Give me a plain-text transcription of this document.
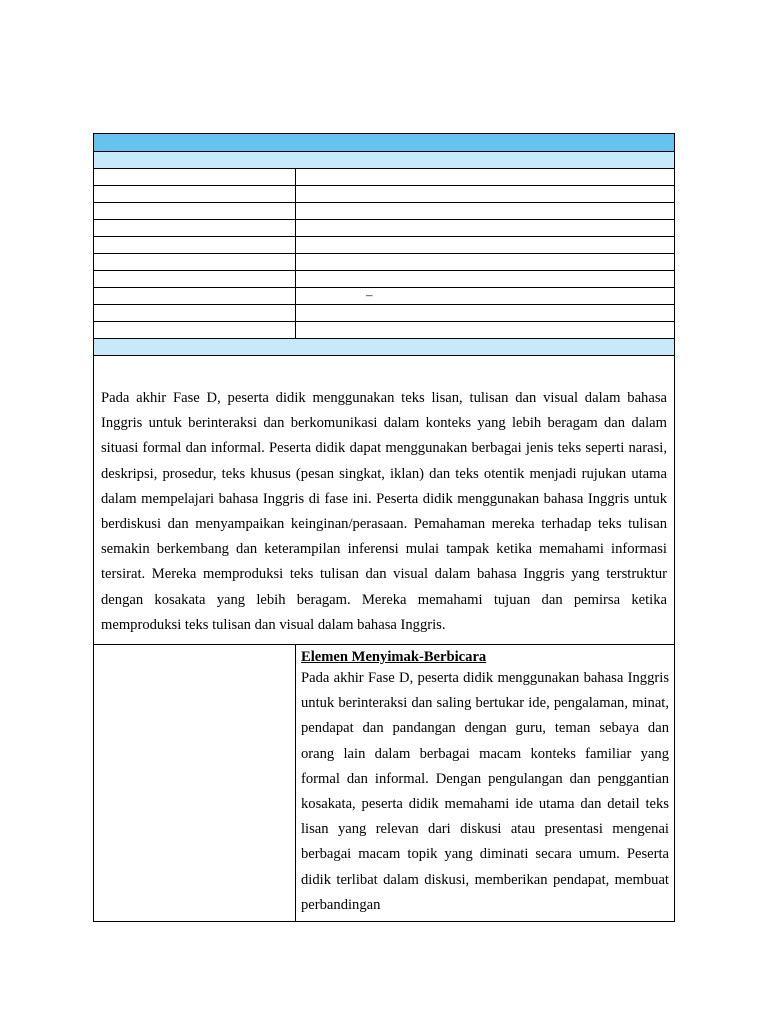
	–

Pada akhir Fase D, peserta didik menggunakan teks lisan, tulisan dan visual dalam bahasa Inggris untuk berinteraksi dan berkomunikasi dalam konteks yang lebih beragam dan dalam situasi formal dan informal. Peserta didik dapat menggunakan berbagai jenis teks seperti narasi, deskripsi, prosedur, teks khusus (pesan singkat, iklan) dan teks otentik menjadi rujukan utama dalam mempelajari bahasa Inggris di fase ini. Peserta didik menggunakan bahasa Inggris untuk berdiskusi dan menyampaikan keinginan/perasaan. Pemahaman mereka terhadap teks tulisan semakin berkembang dan keterampilan inferensi mulai tampak ketika memahami informasi tersirat. Mereka memproduksi teks tulisan dan visual dalam bahasa Inggris yang terstruktur dengan kosakata yang lebih beragam. Mereka memahami tujuan dan pemirsa ketika memproduksi teks tulisan dan visual dalam bahasa Inggris.	

	Elemen Menyimak-Berbicara

Pada akhir Fase D, peserta didik menggunakan bahasa Inggris untuk berinteraksi dan saling bertukar ide, pengalaman, minat, pendapat dan pandangan dengan guru, teman sebaya dan orang lain dalam berbagai macam konteks familiar yang formal dan informal. Dengan pengulangan dan penggantian kosakata, peserta didik memahami ide utama dan detail teks lisan yang relevan dari diskusi atau presentasi mengenai berbagai macam topik yang diminati secara umum. Peserta didik terlibat dalam diskusi, memberikan pendapat, membuat perbandingan
